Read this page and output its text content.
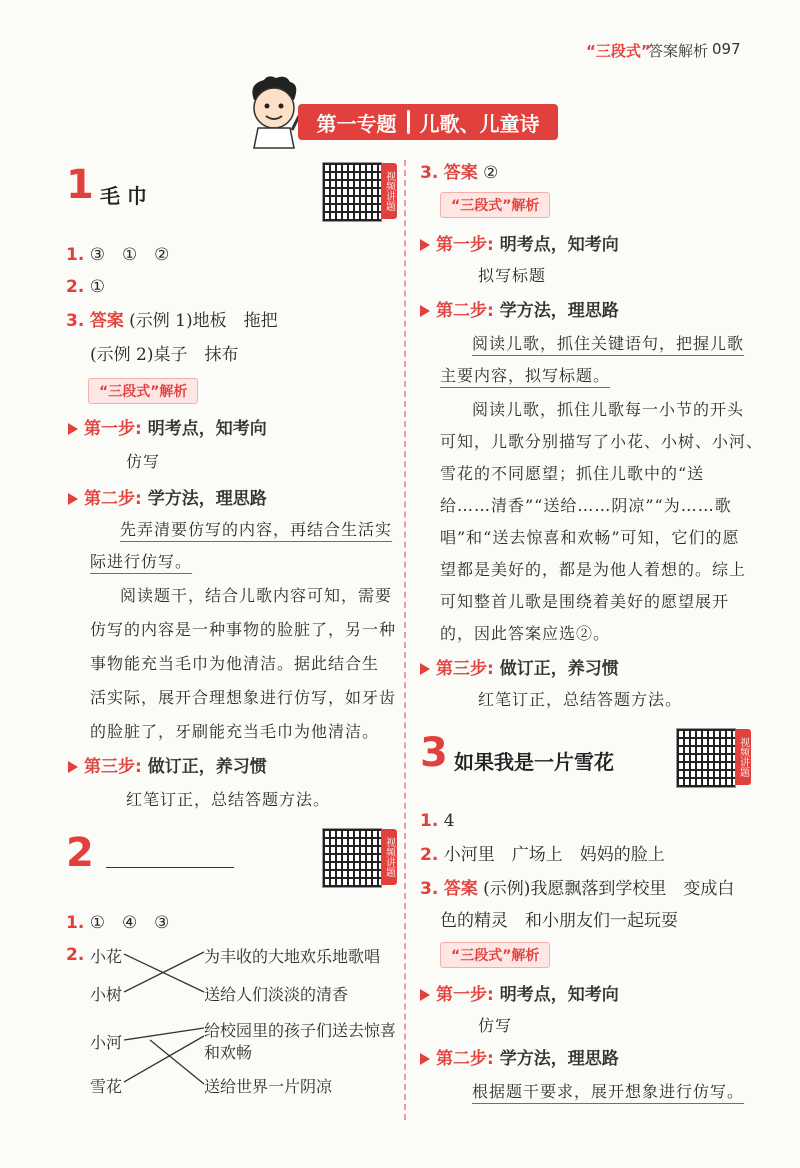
“三段式”
答案解析 097
第一专题 儿歌、儿童诗
1 毛 巾	视频讲题
1. ③　①　②
2. ①
3. 答案 (示例 1)地板　拖把
(示例 2)桌子　抹布
“三段式”解析
第一步: 明考点，知考向
仿写
第二步: 学方法，理思路
先弄清要仿写的内容，再结合生活实
际进行仿写。
阅读题干，结合儿歌内容可知，需要
仿写的内容是一种事物的脸脏了，另一种
事物能充当毛巾为他清洁。据此结合生
活实际，展开合理想象进行仿写，如牙齿
的脸脏了，牙刷能充当毛巾为他清洁。
第三步: 做订正，养习惯
红笔订正，总结答题方法。
2	视频讲题
1. ①　④　③
2. 小花
小树
小河
雪花
为丰收的大地欢乐地歌唱
送给人们淡淡的清香
给校园里的孩子们送去惊喜
和欢畅
送给世界一片阴凉
3. 答案 ②
“三段式”解析
第一步: 明考点，知考向
拟写标题
第二步: 学方法，理思路
阅读儿歌，抓住关键语句，把握儿歌
主要内容，拟写标题。
阅读儿歌，抓住儿歌每一小节的开头
可知，儿歌分别描写了小花、小树、小河、
雪花的不同愿望；抓住儿歌中的“送
给……清香”“送给……阴凉”“为……歌
唱”和“送去惊喜和欢畅”可知，它们的愿
望都是美好的，都是为他人着想的。综上
可知整首儿歌是围绕着美好的愿望展开
的，因此答案应选②。
第三步: 做订正，养习惯
红笔订正，总结答题方法。
3 如果我是一片雪花	视频讲题
1. 4
2. 小河里　广场上　妈妈的脸上
3. 答案 (示例)我愿飘落到学校里　变成白
色的精灵　和小朋友们一起玩耍
“三段式”解析
第一步: 明考点，知考向
仿写
第二步: 学方法，理思路
根据题干要求，展开想象进行仿写。
